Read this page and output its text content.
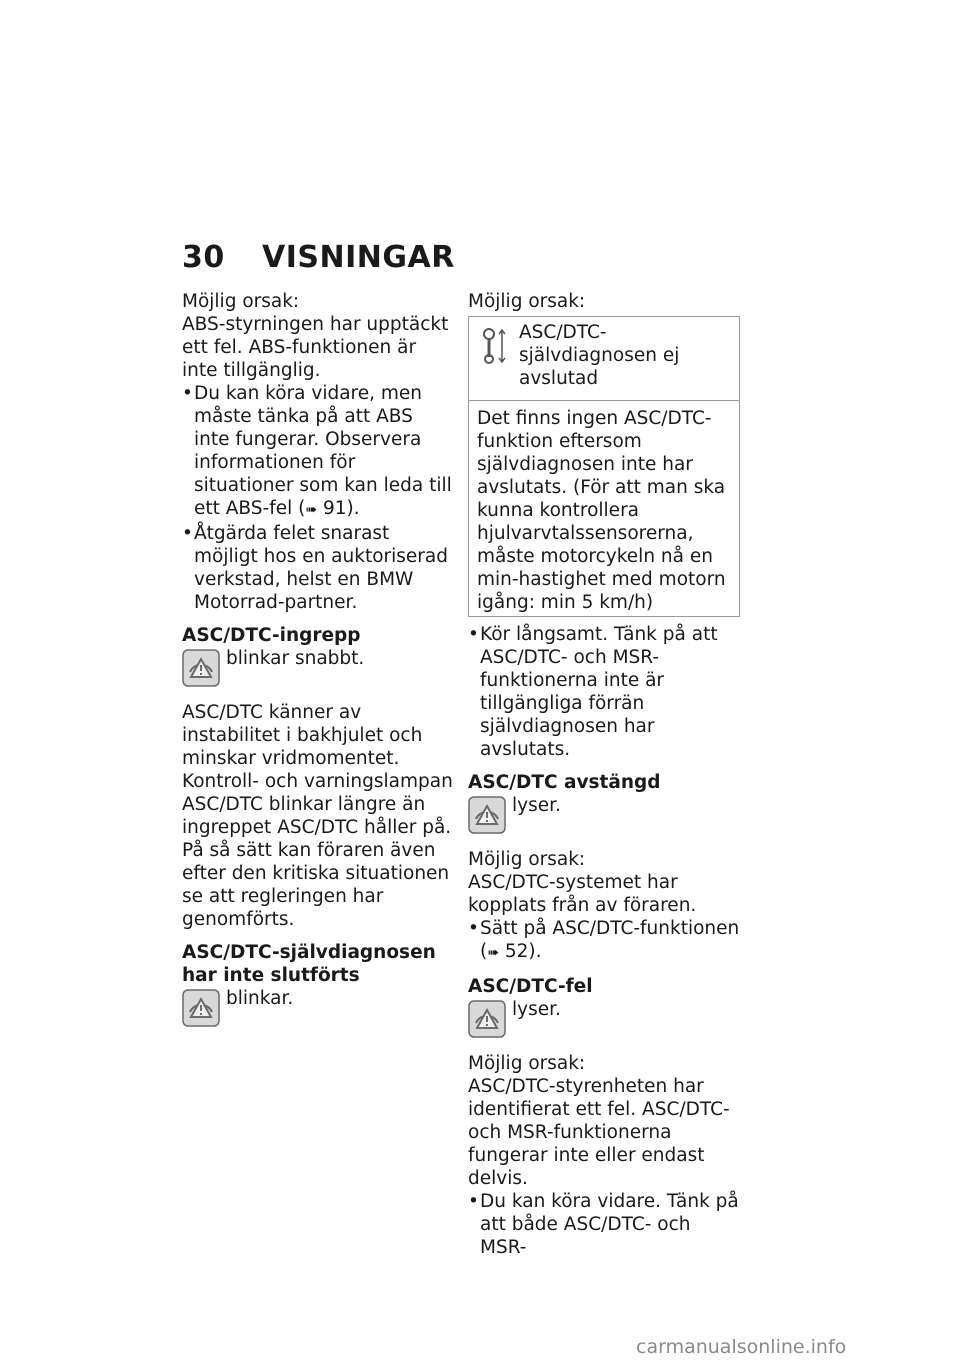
30 VISNINGAR

Möjlig orsak:

ABS-styrningen har upptäckt ett fel. ABS-funktionen är inte tillgänglig.

• Du kan köra vidare, men måste tänka på att ABS inte fungerar. Observera informationen för situationer som kan leda till ett ABS-fel (➠ 91).

• Åtgärda felet snarast möjligt hos en auktoriserad verkstad, helst en BMW Motorrad-partner.

ASC/DTC-ingrepp

blinkar snabbt.

ASC/DTC känner av instabilitet i bakhjulet och minskar vridmomentet. Kontroll- och varningslampan ASC/DTC blinkar längre än ingreppet ASC/DTC håller på. På så sätt kan föraren även efter den kritiska situationen se att regleringen har genomförts.

ASC/DTC-självdiagnosen har inte slutförts

blinkar.

Möjlig orsak:

ASC/DTC-självdiagnosen ej avslutad
Det finns ingen ASC/DTC-funktion eftersom självdiagnosen inte har avslutats. (För att man ska kunna kontrollera hjulvarvtalssensorerna, måste motorcykeln nå en min-hastighet med motorn igång: min 5 km/h)

• Kör långsamt. Tänk på att ASC/DTC- och MSR-funktionerna inte är tillgängliga förrän självdiagnosen har avslutats.

ASC/DTC avstängd

lyser.

Möjlig orsak:

ASC/DTC-systemet har kopplats från av föraren.

• Sätt på ASC/DTC-funktionen (➠ 52).

ASC/DTC-fel

lyser.

Möjlig orsak:

ASC/DTC-styrenheten har identifierat ett fel. ASC/DTC- och MSR-funktionerna fungerar inte eller endast delvis.

• Du kan köra vidare. Tänk på att både ASC/DTC- och MSR-

carmanualsonline.info
